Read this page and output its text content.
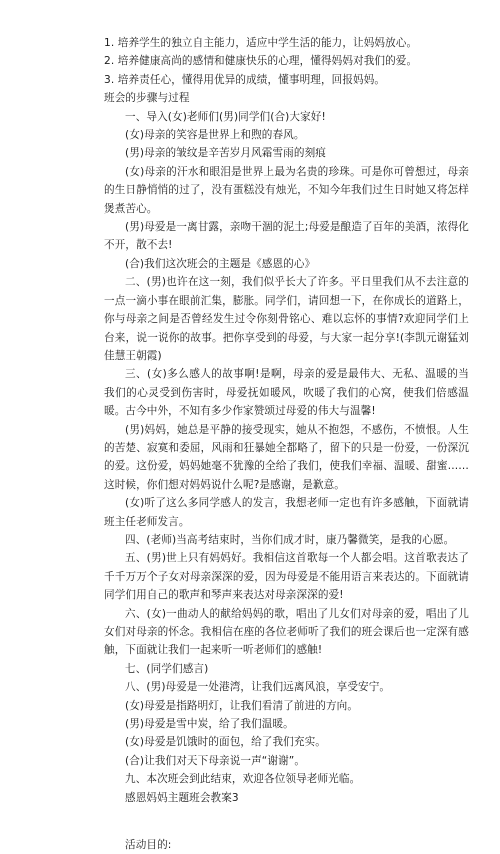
1. 培养学生的独立自主能力，适应中学生活的能力，让妈妈放心。

2. 培养健康高尚的感情和健康快乐的心理，懂得妈妈对我们的爱。

3. 培养责任心，懂得用优异的成绩，懂事明理，回报妈妈。

班会的步骤与过程

一、导入(女)老师们(男)同学们(合)大家好!

(女)母亲的笑容是世界上和煦的春风。

(男)母亲的皱纹是辛苦岁月风霜雪雨的刻痕

(女)母亲的汗水和眼泪是世界上最为名贵的珍珠。可是你可曾想过，母亲的生日静悄悄的过了，没有蛋糕没有烛光，不知今年我们过生日时她又将怎样煲煮苦心。

(男)母爱是一离甘露，亲吻干涸的泥土;母爱是酿造了百年的美酒，浓得化不开，散不去!

(合)我们这次班会的主题是《感恩的心》

二、(男)也许在这一刻，我们似乎长大了许多。平日里我们从不去注意的一点一滴小事在眼前汇集，膨胀。同学们，请回想一下，在你成长的道路上，你与母亲之间是否曾经发生过令你刻骨铭心、难以忘怀的事情?欢迎同学们上台来，说一说你的故事。把你享受到的母爱，与大家一起分享!(李凯元谢猛刘佳慧王朝霞)

三、(女)多么感人的故事啊!是啊，母亲的爱是最伟大、无私、温暖的当我们的心灵受到伤害时，母爱抚如暖风，吹暖了我们的心窝，使我们倍感温暖。古今中外，不知有多少作家赞颂过母爱的伟大与温馨!

(男)妈妈，她总是平静的接受现实，她从不抱怨，不感伤，不愤恨。人生的苦楚、寂寞和委屈，风雨和狂暴她全都略了，留下的只是一份爱，一份深沉的爱。这份爱，妈妈她毫不犹豫的全给了我们，使我们幸福、温暖、甜蜜……这时候，你们想对妈妈说什么呢?是感谢，是歉意。

(女)听了这么多同学感人的发言，我想老师一定也有许多感触，下面就请班主任老师发言。

四、(老师)当高考结束时，当你们成才时，康乃馨微笑，是我的心愿。

五、(男)世上只有妈妈好。我相信这首歌每一个人都会唱。这首歌表达了千千万万个子女对母亲深深的爱，因为母爱是不能用语言来表达的。下面就请同学们用自己的歌声和琴声来表达对母亲深深的爱!

六、(女)一曲动人的献给妈妈的歌，唱出了儿女们对母亲的爱，唱出了儿女们对母亲的怀念。我相信在座的各位老师听了我们的班会课后也一定深有感触，下面就让我们一起来听一听老师们的感触!

七、(同学们感言)

八、(男)母爱是一处港湾，让我们远离风浪，享受安宁。

(女)母爱是指路明灯，让我们看清了前进的方向。

(男)母爱是雪中炭，给了我们温暖。

(女)母爱是饥饿时的面包，给了我们充实。

(合)让我们对天下母亲说一声“谢谢”。

九、本次班会到此结束，欢迎各位领导老师光临。

感恩妈妈主题班会教案3

活动目的:
